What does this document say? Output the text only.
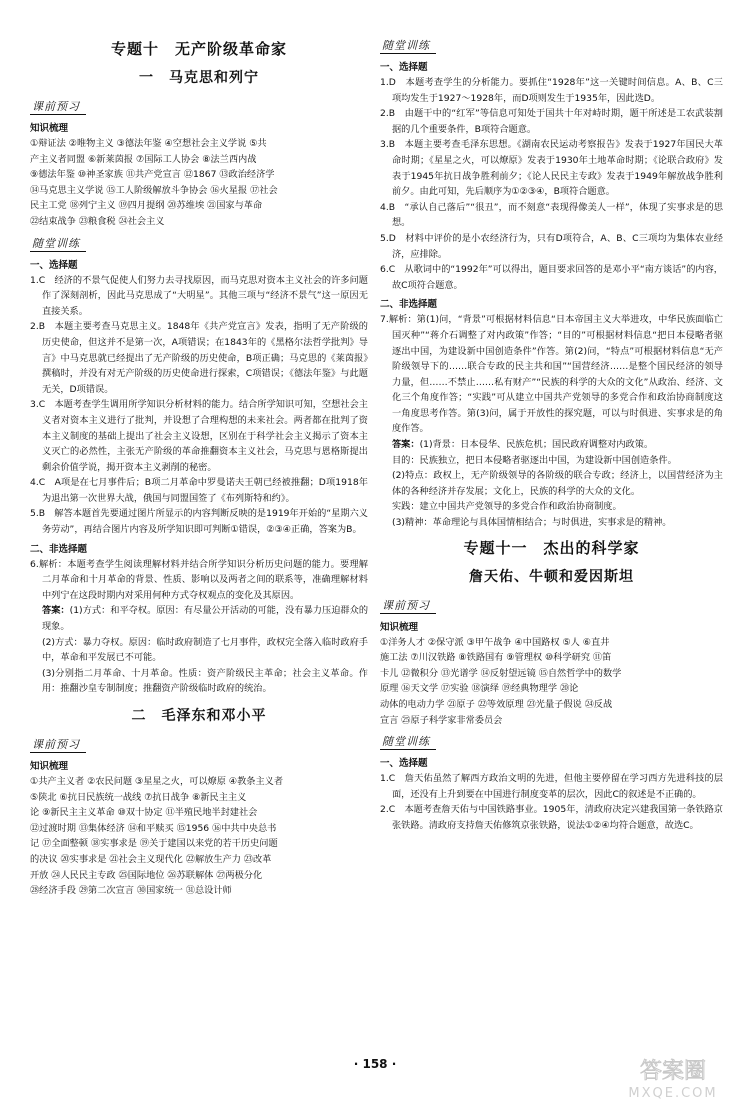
专题十　无产阶级革命家
一　马克思和列宁
课前预习
知识梳理

①辩证法 ②唯物主义 ③德法年鉴 ④空想社会主义学说 ⑤共

产主义者同盟 ⑥新莱茵报 ⑦国际工人协会 ⑧法兰西内战

⑨德法年鉴 ⑩神圣家族 ⑪共产党宣言 ⑫1867 ⑬政治经济学

⑭马克思主义学说 ⑮工人阶级解放斗争协会 ⑯火星报 ⑰社会

民主工党 ⑱列宁主义 ⑲四月提纲 ⑳苏维埃 ㉑国家与革命

㉒结束战争 ㉓粮食税 ㉔社会主义

随堂训练
一、选择题

1.C　经济的不景气促使人们努力去寻找原因，而马克思对资本主义社会的许多问题作了深刻剖析，因此马克思成了“大明星”。其他三项与“经济不景气”这一原因无直接关系。

2.B　本题主要考查马克思主义。1848年《共产党宣言》发表，指明了无产阶级的历史使命，但这并不是第一次，A项错误；在1843年的《黑格尔法哲学批判》导言》中马克思就已经提出了无产阶级的历史使命，B项正确；马克思的《莱茵报》撰稿时，并没有对无产阶级的历史使命进行探索，C项错误；《德法年鉴》与此题无关，D项错误。

3.C　本题考查学生调用所学知识分析材料的能力。结合所学知识可知，空想社会主义者对资本主义进行了批判，并设想了合理构想的未来社会。两者都在批判了资本主义制度的基础上提出了社会主义设想，区别在于科学社会主义揭示了资本主义灭亡的必然性，主张无产阶级的革命推翻资本主义社会，马克思与恩格斯提出剩余价值学说，揭开资本主义剥削的秘密。

4.C　A项是在七月事件后；B项二月革命中罗曼诺夫王朝已经被推翻；D项1918年为退出第一次世界大战，俄国与同盟国签了《布列斯特和约》。

5.B　解答本题首先要通过图片所显示的内容判断反映的是1919年开始的“星期六义务劳动”，再结合图片内容及所学知识即可判断①错误，②③④正确，答案为B。

二、非选择题

6.解析：本题考查学生阅读理解材料并结合所学知识分析历史问题的能力。要理解二月革命和十月革命的背景、性质、影响以及两者之间的联系等，准确理解材料中列宁在这段时期内对采用何种方式夺权观点的变化及其原因。

答案：(1)方式：和平夺权。原因：有尽量公开活动的可能，没有暴力压迫群众的现象。

(2)方式：暴力夺权。原因：临时政府制造了七月事件，政权完全落入临时政府手中，革命和平发展已不可能。

(3)分别指二月革命、十月革命。性质：资产阶级民主革命；社会主义革命。作用：推翻沙皇专制制度；推翻资产阶级临时政府的统治。

二　毛泽东和邓小平
课前预习
知识梳理

①共产主义者 ②农民问题 ③星星之火，可以燎原 ④教条主义者

⑤陕北 ⑥抗日民族统一战线 ⑦抗日战争 ⑧新民主主义

论 ⑨新民主主义革命 ⑩双十协定 ⑪半殖民地半封建社会

⑫过渡时期 ⑬集体经济 ⑭和平赎买 ⑮1956 ⑯中共中央总书

记 ⑰全面整顿 ⑱实事求是 ⑲关于建国以来党的若干历史问题

的决议 ⑳实事求是 ㉑社会主义现代化 ㉒解放生产力 ㉓改革

开放 ㉔人民民主专政 ㉕国际地位 ㉖苏联解体 ㉗两极分化

㉘经济手段 ㉙第二次宣言 ㉚国家统一 ㉛总设计师

随堂训练
一、选择题

1.D　本题考查学生的分析能力。要抓住“1928年”这一关键时间信息。A、B、C三项均发生于1927～1928年，而D项则发生于1935年，因此选D。

2.B　由题干中的“红军”等信息可知处于国共十年对峙时期，题干所述是工农武装割据的几个重要条件，B项符合题意。

3.B　本题主要考查毛泽东思想。《湖南农民运动考察报告》发表于1927年国民大革命时期；《星星之火，可以燎原》发表于1930年土地革命时期；《论联合政府》发表于1945年抗日战争胜利前夕；《论人民民主专政》发表于1949年解放战争胜利前夕。由此可知，先后顺序为①②③④，B项符合题意。

4.B　“承认自己落后”“很丑”，而不刻意“表现得像美人一样”，体现了实事求是的思想。

5.D　材料中评价的是小农经济行为，只有D项符合，A、B、C三项均为集体农业经济，应排除。

6.C　从歌词中的“1992年”可以得出，题目要求回答的是邓小平“南方谈话”的内容，故C项符合题意。

二、非选择题

7.解析：第(1)问，“背景”可根据材料信息“日本帝国主义大举进攻，中华民族面临亡国灭种”“蒋介石调整了对内政策”作答；“目的”可根据材料信息“把日本侵略者驱逐出中国，为建设新中国创造条件”作答。第(2)问，“特点”可根据材料信息“无产阶级领导下的……联合专政的民主共和国”“国营经济……是整个国民经济的领导力量，但……不禁止……私有财产”“民族的科学的大众的文化”从政治、经济、文化三个角度作答；“实践”可从建立中国共产党领导的多党合作和政治协商制度这一角度思考作答。第(3)问，属于开放性的探究题，可以与时俱进、实事求是的角度作答。

答案：(1)背景：日本侵华、民族危机；国民政府调整对内政策。

目的：民族独立，把日本侵略者驱逐出中国，为建设新中国创造条件。

(2)特点：政权上，无产阶级领导的各阶级的联合专政；经济上，以国营经济为主体的各种经济并存发展；文化上，民族的科学的大众的文化。

实践：建立中国共产党领导的多党合作和政治协商制度。

(3)精神：革命理论与具体国情相结合；与时俱进，实事求是的精神。

专题十一　杰出的科学家
詹天佑、牛顿和爱因斯坦
课前预习
知识梳理

①洋务人才 ②保守派 ③甲午战争 ④中国路权 ⑤人 ⑥直井

施工法 ⑦川汉铁路 ⑧铁路国有 ⑨管理权 ⑩科学研究 ⑪笛

卡儿 ⑫微积分 ⑬光谱学 ⑭反射望远镜 ⑮自然哲学中的数学

原理 ⑯天文学 ⑰实验 ⑱演绎 ⑲经典物理学 ⑳论

动体的电动力学 ㉑原子 ㉒等效原理 ㉓光量子假说 ㉔反战

宣言 ㉕原子科学家非常委员会

随堂训练
一、选择题

1.C　詹天佑虽然了解西方政治文明的先进，但他主要停留在学习西方先进科技的层面，还没有上升到要在中国进行制度变革的层次，因此C的叙述是不正确的。

2.C　本题考查詹天佑与中国铁路事业。1905年，清政府决定兴建我国第一条铁路京张铁路。清政府支持詹天佑修筑京张铁路，说法①②④均符合题意，故选C。

· 158 ·	答案圈
MXQE.COM
